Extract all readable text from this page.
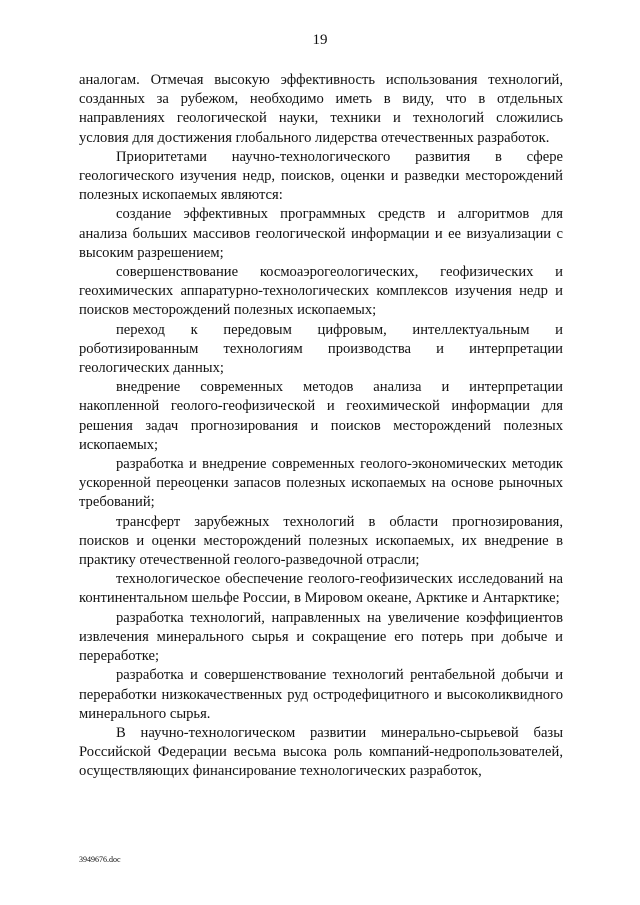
19

аналогам. Отмечая высокую эффективность использования технологий, созданных за рубежом, необходимо иметь в виду, что в отдельных направлениях геологической науки, техники и технологий сложились условия для достижения глобального лидерства отечественных разработок.

Приоритетами научно-технологического развития в сфере геологического изучения недр, поисков, оценки и разведки месторождений полезных ископаемых являются:

создание эффективных программных средств и алгоритмов для анализа больших массивов геологической информации и ее визуализации с высоким разрешением;

совершенствование космоаэрогеологических, геофизических и геохимических аппаратурно-технологических комплексов изучения недр и поисков месторождений полезных ископаемых;

переход к передовым цифровым, интеллектуальным и роботизированным технологиям производства и интерпретации геологических данных;

внедрение современных методов анализа и интерпретации накопленной геолого-геофизической и геохимической информации для решения задач прогнозирования и поисков месторождений полезных ископаемых;

разработка и внедрение современных геолого-экономических методик ускоренной переоценки запасов полезных ископаемых на основе рыночных требований;

трансферт зарубежных технологий в области прогнозирования, поисков и оценки месторождений полезных ископаемых, их внедрение в практику отечественной геолого-разведочной отрасли;

технологическое обеспечение геолого-геофизических исследований на континентальном шельфе России, в Мировом океане, Арктике и Антарктике;

разработка технологий, направленных на увеличение коэффициентов извлечения минерального сырья и сокращение его потерь при добыче и переработке;

разработка и совершенствование технологий рентабельной добычи и переработки низкокачественных руд остродефицитного и высоколиквидного минерального сырья.

В научно-технологическом развитии минерально-сырьевой базы Российской Федерации весьма высока роль компаний-недропользователей, осуществляющих финансирование технологических разработок,

3949676.doc
